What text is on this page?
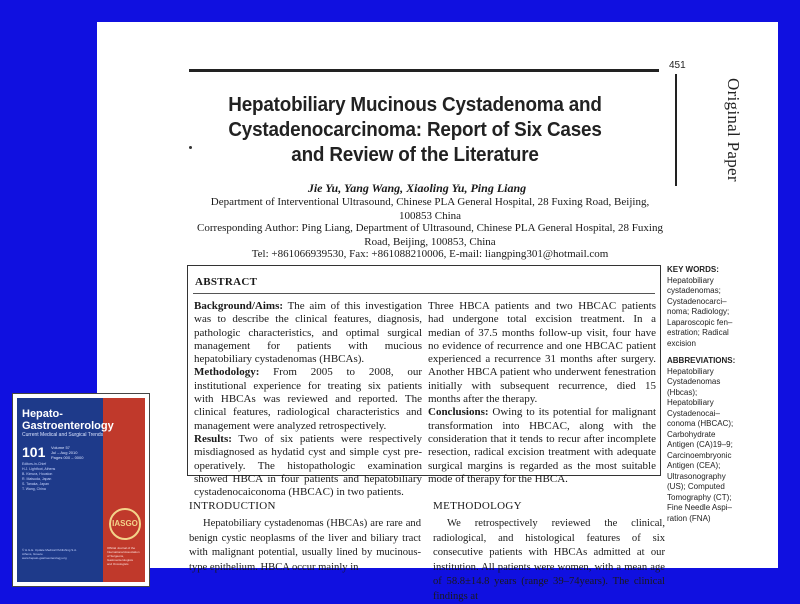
451
Original Paper
Hepatobiliary Mucinous Cystadenoma and Cystadenocarcinoma: Report of Six Cases and Review of the Literature
Jie Yu, Yang Wang, Xiaoling Yu, Ping Liang
Department of Interventional Ultrasound, Chinese PLA General Hospital, 28 Fuxing Road, Beijing, 100853 China
Corresponding Author: Ping Liang, Department of Ultrasound, Chinese PLA General Hospital, 28 Fuxing Road, Beijing, 100853, China
Tel: +861066939530, Fax: +861088210006, E-mail: liangping301@hotmail.com
ABSTRACT

Background/Aims: The aim of this investigation was to describe the clinical features, diagnosis, pathologic characteristics, and optimal surgical management for patients with mucious hepatobiliary cystadenomas (HBCAs).

Methodology: From 2005 to 2008, our institutional experience for treating six patients with HBCAs was reviewed and reported. The clinical features, radiological characteristics and management were analyzed retrospectively.

Results: Two of six patients were respectively misdiagnosed as hydatid cyst and simple cyst pre-operatively. The histopathologic examination showed HBCA in four patients and hepatobiliary cystadenocaiconoma (HBCAC) in two patients.

Three HBCA patients and two HBCAC patients had undergone total excision treatment. In a median of 37.5 months follow-up visit, four have no evidence of recurrence and one HBCAC patient experienced a recurrence 31 months after surgery. Another HBCA patient who underwent fenestration initially with subsequent recurrence, died 15 months after the therapy.

Conclusions: Owing to its potential for malignant transformation into HBCAC, along with the consideration that it tends to recur after incomplete resection, radical excision treatment with adequate surgical margins is regarded as the most suitable mode of therapy for the HBCA.

KEY WORDS:

Hepatobiliary
cystadenomas;
Cystadenocarci–
noma; Radiology;
Laparoscopic fen–
estration; Radical
excision

ABBREVIATIONS:

Hepatobiliary
Cystadenomas
(Hbcas);
Hepatobiliary
Cystadenocai–
conoma (HBCAC);
Carbohydrate
Antigen (CA)19–9;
Carcinoembryonic
Antigen (CEA);
Ultrasonography
(US); Computed
Tomography (CT);
Fine Needle Aspi–
ration (FNA)

INTRODUCTION	METHODOLOGY

Hepatobiliary cystadenomas (HBCAs) are rare and benign cystic neoplasms of the liver and biliary tract with malignant potential, usually lined by mucinous-type epithelium. HBCA occur mainly in

We retrospectively reviewed the clinical, radiological, and histological features of six consecutive patients with HBCAs admitted at our institution. All patients were women, with a mean age of 58.8±14.8 years (range 39–74years). The clinical findings at

Hepato-
Gastroenterology

Current Medical and Surgical Trends
101 Volume 57
Jul – Aug 2010
Pages 000 – 0000
Editors-in-Chief
H.J. Lightfoot, Athens
B. Kimura, Houston
R. Matsuda, Japan
S. Tanaka, Japan
T. Wang, China
IASGO
Official Journal of the
International Association
of Surgeons,
Gastroenterologists
and Oncologists
© H.G.E. Update Medical Publishing S.A.
Athens, Greece
www.hepato-gastroenterology.org
